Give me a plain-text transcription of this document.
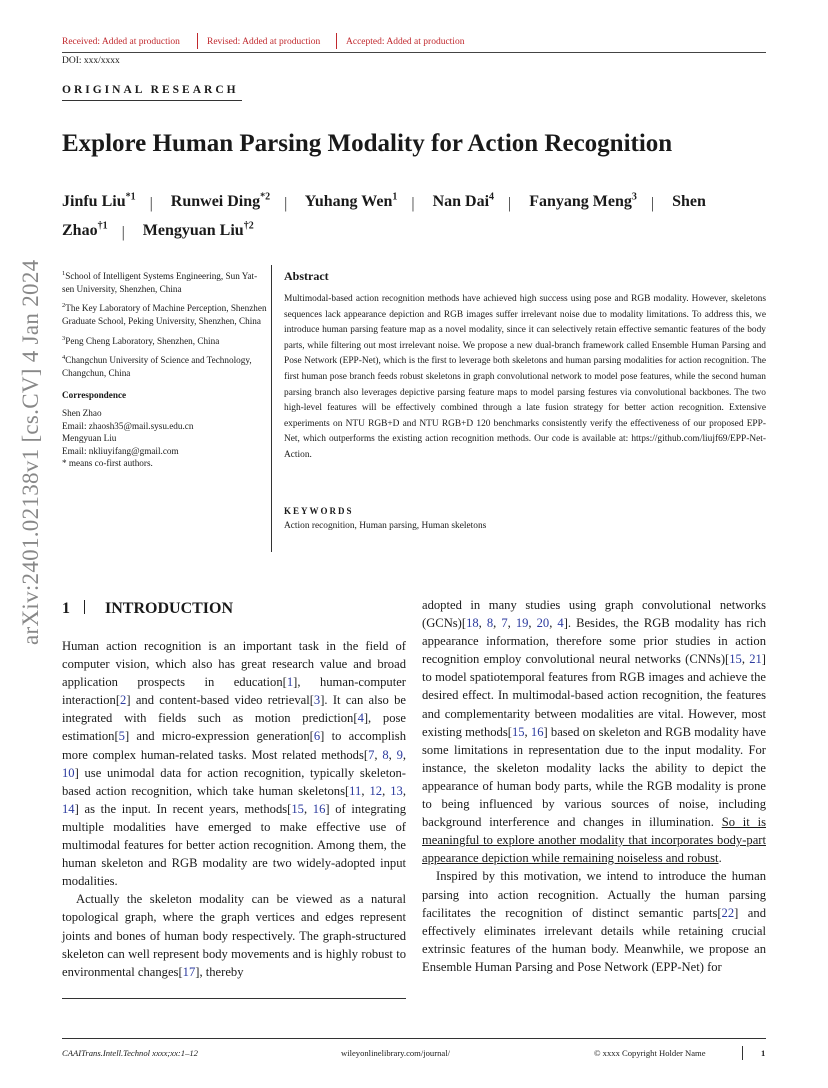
Received: Added at production	Revised: Added at production	Accepted: Added at production
DOI: xxx/xxxx
ORIGINAL RESEARCH
Explore Human Parsing Modality for Action Recognition
Jinfu Liu$^{*1}$ | Runwei Ding$^{*2}$ | Yuhang Wen$^1$ | Nan Dai$^4$ | Fanyang Meng$^3$ | Shen Zhao$^{\dagger 1}$ | Mengyuan Liu$^{\dagger 2}$
arXiv:2401.02138v1 [cs.CV] 4 Jan 2024	$^1$School of Intelligent Systems Engineering, Sun Yat-sen University, Shenzhen, China

$^2$The Key Laboratory of Machine Perception, Shenzhen Graduate School, Peking University, Shenzhen, China

$^3$Peng Cheng Laboratory, Shenzhen, China

$^4$Changchun University of Science and Technology, Changchun, China

Correspondence

Shen Zhao
Email: zhaosh35@mail.sysu.edu.cn
Mengyuan Liu
Email: nkliuyifang@gmail.com
* means co-first authors.
Abstract
Multimodal-based action recognition methods have achieved high success using pose and RGB modality. However, skeletons sequences lack appearance depiction and RGB images suffer irrelevant noise due to modality limitations. To address this, we introduce human parsing feature map as a novel modality, since it can selectively retain effective semantic features of the body parts, while filtering out most irrelevant noise. We propose a new dual-branch framework called Ensemble Human Parsing and Pose Network (EPP-Net), which is the first to leverage both skeletons and human parsing modalities for action recognition. The first human pose branch feeds robust skeletons in graph convolutional network to model pose features, while the second human parsing branch also leverages depictive parsing feature maps to model parsing festures via convolutional backbones. The two high-level features will be effectively combined through a late fusion strategy for better action recognition. Extensive experiments on NTU RGB+D and NTU RGB+D 120 benchmarks consistently verify the effectiveness of our proposed EPP-Net, which outperforms the existing action recognition methods. Our code is available at: https://github.com/liujf69/EPP-Net-Action.
KEYWORDS
Action recognition, Human parsing, Human skeletons
1 INTRODUCTION

Human action recognition is an important task in the field of computer vision, which also has great research value and broad application prospects in education[1], human-computer interaction[2] and content-based video retrieval[3]. It can also be integrated with fields such as motion prediction[4], pose estimation[5] and micro-expression generation[6] to accomplish more complex human-related tasks. Most related methods[7, 8, 9, 10] use unimodal data for action recognition, typically skeleton-based action recognition, which take human skeletons[11, 12, 13, 14] as the input. In recent years, methods[15, 16] of integrating multiple modalities have emerged to make effective use of multimodal features for better action recognition. Among them, the human skeleton and RGB modality are two widely-adopted input modalities.

Actually the skeleton modality can be viewed as a natural topological graph, where the graph vertices and edges represent joints and bones of human body respectively. The graph-structured skeleton can well represent body movements and is highly robust to environmental changes[17], thereby

adopted in many studies using graph convolutional networks (GCNs)[18, 8, 7, 19, 20, 4]. Besides, the RGB modality has rich appearance information, therefore some prior studies in action recognition employ convolutional neural networks (CNNs)[15, 21] to model spatiotemporal features from RGB images and achieve the desired effect. In multimodal-based action recognition, the features and complementarity between modalities are vital. However, most existing methods[15, 16] based on skeleton and RGB modality have some limitations in representation due to the input modality. For instance, the skeleton modality lacks the ability to depict the appearance of human body parts, while the RGB modality is prone to being influenced by various sources of noise, including background interference and changes in illumination. So it is meaningful to explore another modality that incorporates body-part appearance depiction while remaining noiseless and robust.

Inspired by this motivation, we intend to introduce the human parsing into action recognition. Actually the human parsing facilitates the recognition of distinct semantic parts[22] and effectively eliminates irrelevant details while retaining crucial extrinsic features of the human body. Meanwhile, we propose an Ensemble Human Parsing and Pose Network (EPP-Net) for

CAAITrans.Intell.Technol xxxx;xx:1–12	wileyonlinelibrary.com/journal/	© xxxx Copyright Holder Name	1
